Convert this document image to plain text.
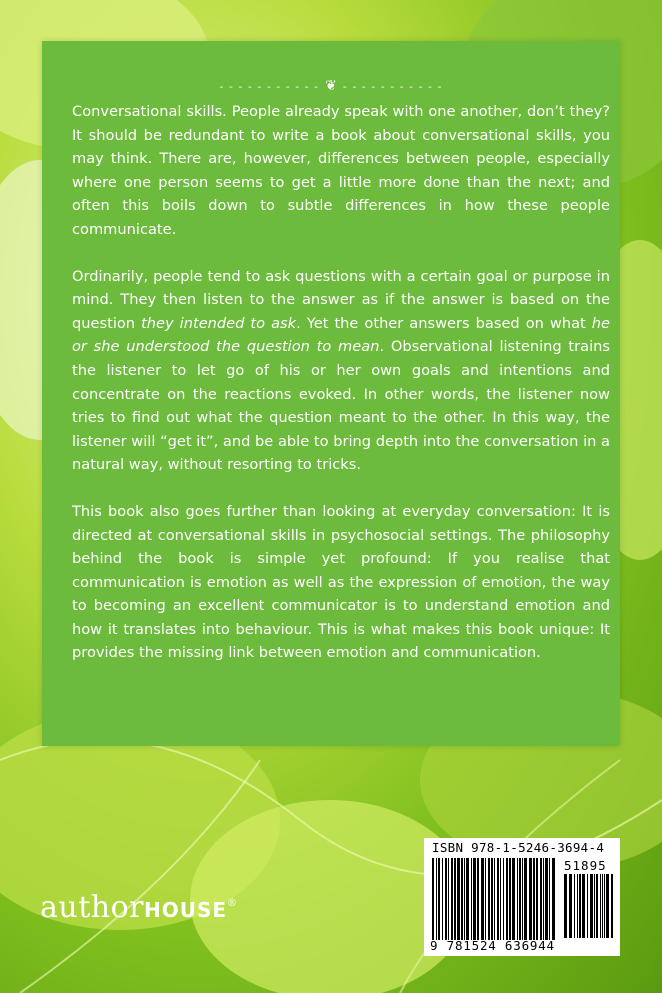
- - - - - - - - - - - ❦ - - - - - - - - - - -

Conversational skills. People already speak with one another, don’t they? It should be redundant to write a book about conversational skills, you may think. There are, however, differences between people, especially where one person seems to get a little more done than the next; and often this boils down to subtle differences in how these people communicate.

Ordinarily, people tend to ask questions with a certain goal or purpose in mind. They then listen to the answer as if the answer is based on the question they intended to ask. Yet the other answers based on what he or she understood the question to mean. Observational listening trains the listener to let go of his or her own goals and intentions and concentrate on the reactions evoked. In other words, the listener now tries to find out what the question meant to the other. In this way, the listener will “get it”, and be able to bring depth into the conversation in a natural way, without resorting to tricks.

This book also goes further than looking at everyday conversation: It is directed at conversational skills in psychosocial settings. The philosophy behind the book is simple yet profound: If you realise that communication is emotion as well as the expression of emotion, the way to becoming an excellent communicator is to understand emotion and how it translates into behaviour. This is what makes this book unique: It provides the missing link between emotion and communication.

authorHOUSE®
ISBN 978-1-5246-3694-4
51895
9 781524 636944
